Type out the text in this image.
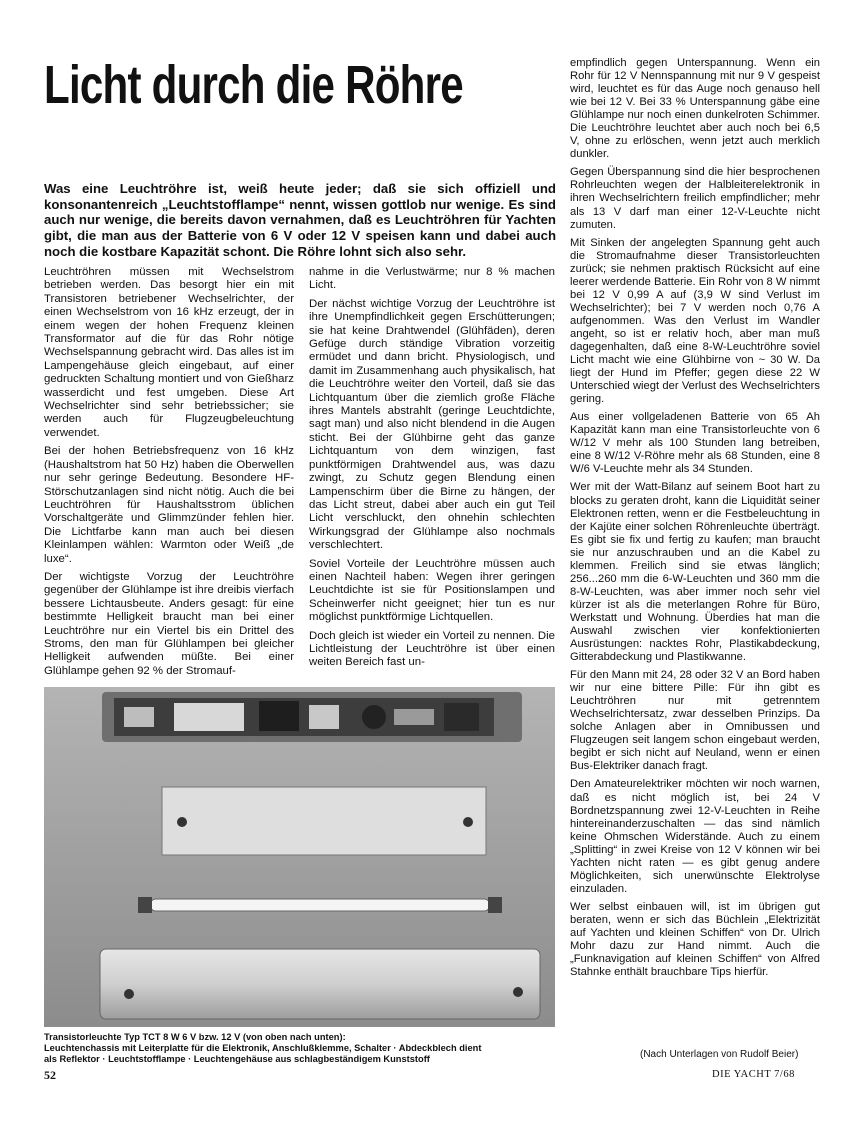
Licht durch die Röhre

Was eine Leuchtröhre ist, weiß heute jeder; daß sie sich offiziell und konsonantenreich „Leuchtstofflampe“ nennt, wissen gottlob nur wenige. Es sind auch nur wenige, die bereits davon vernahmen, daß es Leuchtröhren für Yachten gibt, die man aus der Batterie von 6 V oder 12 V speisen kann und dabei auch noch die kostbare Kapazität schont. Die Röhre lohnt sich also sehr.

Leuchtröhren müssen mit Wechselstrom betrieben werden. Das besorgt hier ein mit Transistoren betriebener Wechselrichter, der einen Wechselstrom von 16 kHz erzeugt, der in einem wegen der hohen Frequenz kleinen Transformator auf die für das Rohr nötige Wechselspannung gebracht wird. Das alles ist im Lampengehäuse gleich eingebaut, auf einer gedruckten Schaltung montiert und von Gießharz wasserdicht und fest umgeben. Diese Art Wechselrichter sind sehr betriebssicher; sie werden auch für Flugzeugbeleuchtung verwendet.

Bei der hohen Betriebsfrequenz von 16 kHz (Haushaltstrom hat 50 Hz) haben die Oberwellen nur sehr geringe Bedeutung. Besondere HF-Störschutzanlagen sind nicht nötig. Auch die bei Leuchtröhren für Haushaltsstrom üblichen Vorschaltgeräte und Glimmzünder fehlen hier. Die Lichtfarbe kann man auch bei diesen Kleinlampen wählen: Warmton oder Weiß „de luxe“.

Der wichtigste Vorzug der Leuchtröhre gegenüber der Glühlampe ist ihre dreibis vierfach bessere Lichtausbeute. Anders gesagt: für eine bestimmte Helligkeit braucht man bei einer Leuchtröhre nur ein Viertel bis ein Drittel des Stroms, den man für Glühlampen bei gleicher Helligkeit aufwenden müßte. Bei einer Glühlampe gehen 92 % der Stromauf-

nahme in die Verlustwärme; nur 8 % machen Licht.

Der nächst wichtige Vorzug der Leuchtröhre ist ihre Unempfindlichkeit gegen Erschütterungen; sie hat keine Drahtwendel (Glühfäden), deren Gefüge durch ständige Vibration vorzeitig ermüdet und dann bricht. Physiologisch, und damit im Zusammenhang auch physikalisch, hat die Leuchtröhre weiter den Vorteil, daß sie das Lichtquantum über die ziemlich große Fläche ihres Mantels abstrahlt (geringe Leuchtdichte, sagt man) und also nicht blendend in die Augen sticht. Bei der Glühbirne geht das ganze Lichtquantum von dem winzigen, fast punktförmigen Drahtwendel aus, was dazu zwingt, zu Schutz gegen Blendung einen Lampenschirm über die Birne zu hängen, der das Licht streut, dabei aber auch ein gut Teil Licht verschluckt, den ohnehin schlechten Wirkungsgrad der Glühlampe also nochmals verschlechtert.

Soviel Vorteile der Leuchtröhre müssen auch einen Nachteil haben: Wegen ihrer geringen Leuchtdichte ist sie für Positionslampen und Scheinwerfer nicht geeignet; hier tun es nur möglichst punktförmige Lichtquellen.

Doch gleich ist wieder ein Vorteil zu nennen. Die Lichtleistung der Leuchtröhre ist über einen weiten Bereich fast un-

empfindlich gegen Unterspannung. Wenn ein Rohr für 12 V Nennspannung mit nur 9 V gespeist wird, leuchtet es für das Auge noch genauso hell wie bei 12 V. Bei 33 % Unterspannung gäbe eine Glühlampe nur noch einen dunkelroten Schimmer. Die Leuchtröhre leuchtet aber auch noch bei 6,5 V, ohne zu erlöschen, wenn jetzt auch merklich dunkler.

Gegen Überspannung sind die hier besprochenen Rohrleuchten wegen der Halbleiterelektronik in ihren Wechselrichtern freilich empfindlicher; mehr als 13 V darf man einer 12-V-Leuchte nicht zumuten.

Mit Sinken der angelegten Spannung geht auch die Stromaufnahme dieser Transistorleuchten zurück; sie nehmen praktisch Rücksicht auf eine leerer werdende Batterie. Ein Rohr von 8 W nimmt bei 12 V 0,99 A auf (3,9 W sind Verlust im Wechselrichter); bei 7 V werden noch 0,76 A aufgenommen. Was den Verlust im Wandler angeht, so ist er relativ hoch, aber man muß dagegenhalten, daß eine 8-W-Leuchtröhre soviel Licht macht wie eine Glühbirne von ~ 30 W. Da liegt der Hund im Pfeffer; gegen diese 22 W Unterschied wiegt der Verlust des Wechselrichters gering.

Aus einer vollgeladenen Batterie von 65 Ah Kapazität kann man eine Transistorleuchte von 6 W/12 V mehr als 100 Stunden lang betreiben, eine 8 W/12 V-Röhre mehr als 68 Stunden, eine 8 W/6 V-Leuchte mehr als 34 Stunden.

Wer mit der Watt-Bilanz auf seinem Boot hart zu blocks zu geraten droht, kann die Liquidität seiner Elektronen retten, wenn er die Festbeleuchtung in der Kajüte einer solchen Röhrenleuchte überträgt. Es gibt sie fix und fertig zu kaufen; man braucht sie nur anzuschrauben und an die Kabel zu klemmen. Freilich sind sie etwas länglich; 256...260 mm die 6-W-Leuchten und 360 mm die 8-W-Leuchten, was aber immer noch sehr viel kürzer ist als die meterlangen Rohre für Büro, Werkstatt und Wohnung. Überdies hat man die Auswahl zwischen vier konfektionierten Ausrüstungen: nacktes Rohr, Plastikabdeckung, Gitterabdeckung und Plastikwanne.

Für den Mann mit 24, 28 oder 32 V an Bord haben wir nur eine bittere Pille: Für ihn gibt es Leuchtröhren nur mit getrenntem Wechselrichtersatz, zwar desselben Prinzips. Da solche Anlagen aber in Omnibussen und Flugzeugen seit langem schon eingebaut werden, begibt er sich nicht auf Neuland, wenn er einen Bus-Elektriker danach fragt.

Den Amateurelektriker möchten wir noch warnen, daß es nicht möglich ist, bei 24 V Bordnetzspannung zwei 12-V-Leuchten in Reihe hintereinanderzuschalten — das sind nämlich keine Ohmschen Widerstände. Auch zu einem „Splitting“ in zwei Kreise von 12 V können wir bei Yachten nicht raten — es gibt genug andere Möglichkeiten, sich unerwünschte Elektrolyse einzuladen.

Wer selbst einbauen will, ist im übrigen gut beraten, wenn er sich das Büchlein „Elektrizität auf Yachten und kleinen Schiffen“ von Dr. Ulrich Mohr dazu zur Hand nimmt. Auch die „Funknavigation auf kleinen Schiffen“ von Alfred Stahnke enthält brauchbare Tips hierfür.

Transistorleuchte Typ TCT 8 W 6 V bzw. 12 V (von oben nach unten):
Leuchtenchassis mit Leiterplatte für die Elektronik, Anschlußklemme, Schalter · Abdeckblech dient
als Reflektor · Leuchtstofflampe · Leuchtengehäuse aus schlagbeständigem Kunststoff	(Nach Unterlagen von Rudolf Beier)

52	DIE YACHT 7/68
